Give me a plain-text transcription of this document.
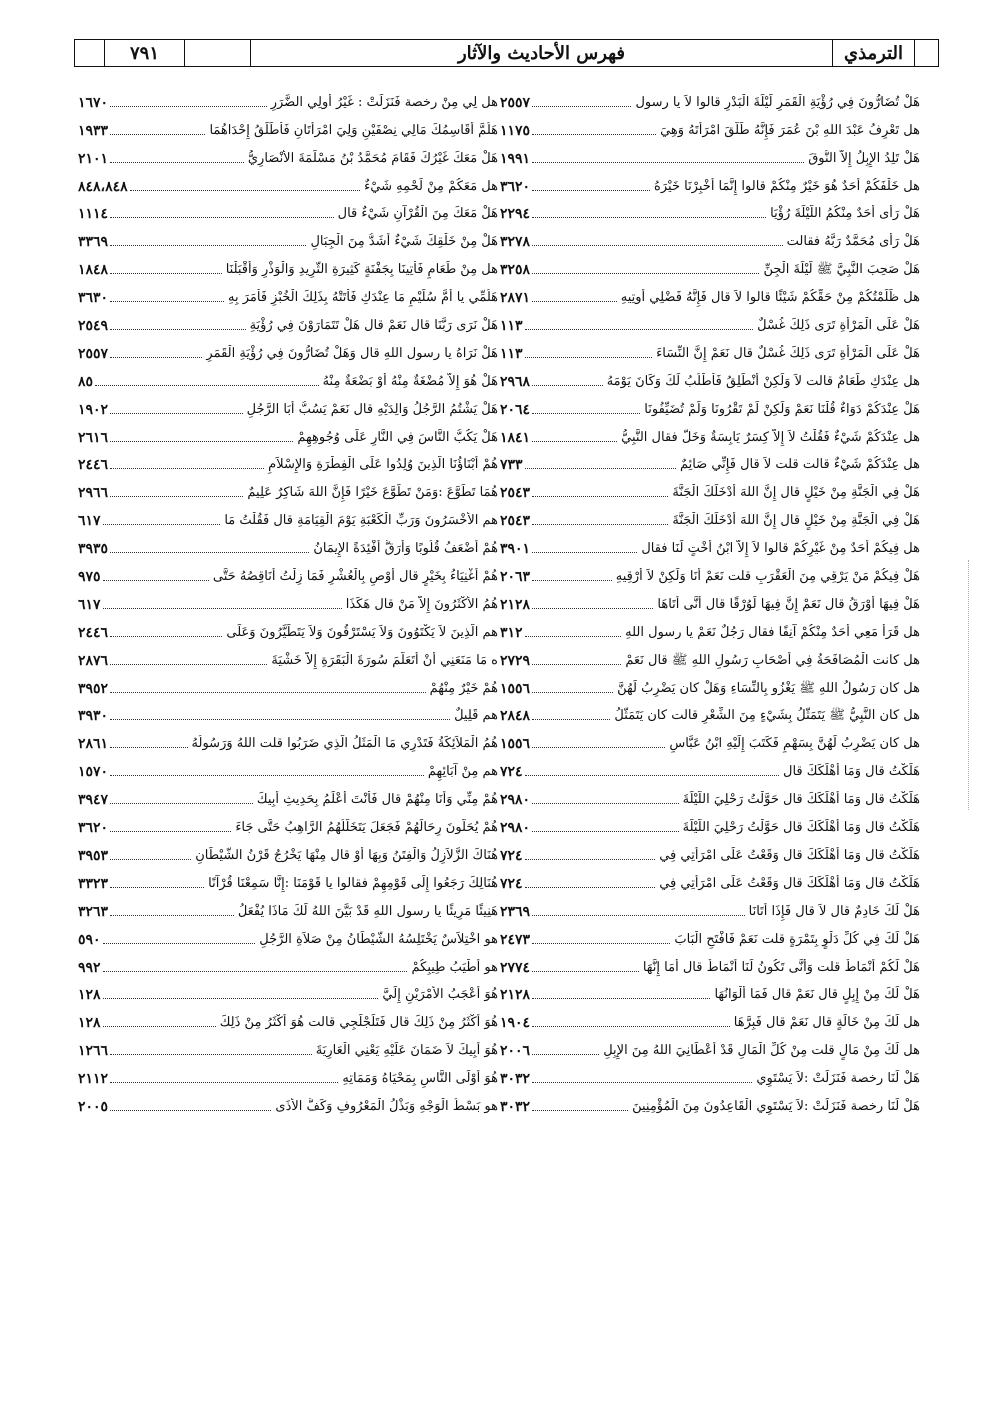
٧٩١	فهرس الأحاديث والآثار	الترمذي
هَلْ تُضَارُّونَ فِي رُؤْيَةِ الْقَمَرِ لَيْلَةَ الْبَدْرِ قالوا لاَ يا رسول
٢٥٥٧
هل تَعْرِفُ عَبْدَ اللهِ بْنَ عُمَرَ فَإِنَّهُ طَلَّقَ امْرَأَتَهُ وَهِيَ
١١٧٥
هَلْ تَلِدُ الإِبِلُ إِلاَّ النُّوقَ
١٩٩١
هل خَلْفَكُمْ أَحَدٌ هُوَ خَيْرٌ مِنْكُمْ قالوا إِنَّمَا أُخْبِرْنَا خَيْرَهُ
٣٦٢٠
هَلْ رَأَى أَحَدٌ مِنْكُمُ اللَّيْلَةَ رُؤْيَا
٢٢٩٤
هَلْ رَأَى مُحَمَّدٌ رَبَّهُ فقالت
٣٢٧٨
هَلْ صَحِبَ النَّبِيَّ ﷺ لَيْلَةَ الْجِنِّ
٣٢٥٨
هل ظَلَمْتُكُمْ مِنْ حَقِّكُمْ شَيْئًا قالوا لاَ قال فَإِنَّهُ فَضْلِي أُوتِيهِ
٢٨٧١
هَلْ عَلَى الْمَرْأَةِ تَرَى ذَلِكَ غُسْلٌ
١١٣
هَلْ عَلَى الْمَرْأَةِ تَرَى ذَلِكَ غُسْلٌ قال نَعَمْ إِنَّ النِّسَاءَ
١١٣
هل عِنْدَكِ طَعَامٌ قالت لاَ وَلَكِنْ أَنْطَلِقُ فَأَطْلُبُ لَكَ وَكَانَ يَوْمَهُ
٢٩٦٨
هَلْ عِنْدَكُمْ دَوَاءٌ قُلْنَا نَعَمْ وَلَكِنْ لَمْ تَقْرُونَا وَلَمْ تُضَيِّفُونَا
٢٠٦٤
هل عِنْدَكُمْ شَيْءٌ فَقُلْتُ لاَ إِلاَّ كِسَرٌ يَابِسَةٌ وَخَلٌّ فقال النَّبِيُّ
١٨٤١
هل عِنْدَكُمْ شَيْءٌ قالت قلت لاَ قال فَإِنِّي صَائِمٌ
٧٣٣
هَلْ فِي الْجَنَّةِ مِنْ خَيْلٍ قال إِنَّ اللهَ أَدْخَلَكَ الْجَنَّةَ
٢٥٤٣
هَلْ فِي الْجَنَّةِ مِنْ خَيْلٍ قال إِنَّ اللهَ أَدْخَلَكَ الْجَنَّةَ
٢٥٤٣
هل فِيكُمْ أَحَدٌ مِنْ غَيْرِكُمْ قالوا لاَ إِلاَّ ابْنُ أُخْتٍ لَنَا فقال
٣٩٠١
هَلْ فِيكُمْ مَنْ يَرْقِي مِنَ الْعَقْرَبِ قلت نَعَمْ أَنَا وَلَكِنْ لاَ أَرْقِيهِ
٢٠٦٣
هَلْ فِيهَا أَوْرَقُ قال نَعَمْ إِنَّ فِيهَا لَوُرْقًا قال أَنَّى أَتَاهَا
٢١٢٨
هل قَرَأَ مَعِي أَحَدٌ مِنْكُمْ آنِفًا فقال رَجُلٌ نَعَمْ يا رسول اللهِ
٣١٢
هل كانت الْمُصَافَحَةُ فِي أَصْحَابِ رَسُولِ اللهِ ﷺ قال نَعَمْ
٢٧٢٩
هل كان رَسُولُ اللهِ ﷺ يَغْزُو بِالنِّسَاءِ وَهَلْ كان يَضْرِبُ لَهُنَّ
١٥٥٦
هل كان النَّبِيُّ ﷺ يَتَمَثَّلُ بِشَيْءٍ مِنَ الشِّعْرِ قالت كان يَتَمَثَّلُ
٢٨٤٨
هل كان يَضْرِبُ لَهُنَّ بِسَهْمٍ فَكَتَبَ إِلَيْهِ ابْنُ عَبَّاسٍ
١٥٥٦
هَلَكْتُ قال وَمَا أَهْلَكَكَ قال
٧٢٤
هَلَكْتُ قال وَمَا أَهْلَكَكَ قال حَوَّلْتُ رَحْلِيَ اللَّيْلَةَ
٢٩٨٠
هَلَكْتُ قال وَمَا أَهْلَكَكَ قال حَوَّلْتُ رَحْلِيَ اللَّيْلَةَ
٢٩٨٠
هَلَكْتُ قال وَمَا أَهْلَكَكَ قال وَقَعْتُ عَلَى امْرَأَتِي فِي
٧٢٤
هَلَكْتُ قال وَمَا أَهْلَكَكَ قال وَقَعْتُ عَلَى امْرَأَتِي فِي
٧٢٤
هَلْ لَكَ خَادِمٌ قال لاَ قال فَإِذَا أَتَانَا
٢٣٦٩
هَلْ لَكَ فِي كُلِّ دَلْوٍ بِتَمْرَةٍ قلت نَعَمْ فَافْتَحِ الْبَابَ
٢٤٧٣
هَلْ لَكُمْ أَنْمَاطٌ قلت وَأَنَّى تَكُونُ لَنَا أَنْمَاطٌ قال أَمَا إِنَّهَا
٢٧٧٤
هَلْ لَكَ مِنْ إِبِلٍ قال نَعَمْ قال فَمَا أَلْوَانُهَا
٢١٢٨
هل لَكَ مِنْ خَالَةٍ قال نَعَمْ قال فَبِرَّهَا
١٩٠٤
هل لَكَ مِنْ مَالٍ قلت مِنْ كُلِّ الْمَالِ قَدْ أَعْطَانِيَ اللهُ مِنَ الإِبِلِ
٢٠٠٦
هَلْ لَنَا رخصة فَنَزَلَتْ :لاَ يَسْتَوِي
٣٠٣٢
هَلْ لَنَا رخصة فَنَزَلَتْ :لاَ يَسْتَوِي الْقَاعِدُونَ مِنَ الْمُؤْمِنِينَ
٣٠٣٢
هل لِي مِنْ رخصة فَنَزَلَتْ : غَيْرُ أُولِي الضَّرَرِ
١٦٧٠
هَلُمَّ أُقَاسِمُكَ مَالِي نِصْفَيْنِ وَلِيَ امْرَأَتَانِ فَأُطَلِّقُ إِحْدَاهُمَا
١٩٣٣
هَلْ مَعَكَ غَيْرُكَ فَقَامَ مُحَمَّدُ بْنُ مَسْلَمَةَ الأَنْصَارِيُّ
٢١٠١
هل مَعَكُمْ مِنْ لَحْمِهِ شَيْءٌ
٨٤٨،٨٤٨
هَلْ مَعَكَ مِنَ الْقُرْآنِ شَيْءٌ قال
١١١٤
هَلْ مِنْ خَلْقِكَ شَيْءٌ أَشَدُّ مِنَ الْجِبَالِ
٣٣٦٩
هل مِنْ طَعَامٍ فَأُتِينَا بِجَفْنَةٍ كَثِيرَةِ الثَّرِيدِ وَالْوَذْرِ وَأَقْبَلْنَا
١٨٤٨
هَلُمِّي يا أُمَّ سُلَيْمٍ مَا عِنْدَكِ فَأَتَتْهُ بِذَلِكَ الْخُبْزِ فَأَمَرَ بِهِ
٣٦٣٠
هَلْ نَرَى رَبَّنَا قال نَعَمْ قال هَلْ تَتَمَارَوْنَ فِي رُؤْيَةِ
٢٥٤٩
هَلْ نَرَاهُ يا رسول اللهِ قال وَهَلْ تُضَارُّونَ فِي رُؤْيَةِ الْقَمَرِ
٢٥٥٧
هَلْ هُوَ إِلاَّ مُضْغَةٌ مِنْهُ أَوْ بَضْعَةٌ مِنْهُ
٨٥
هَلْ يَشْتُمُ الرَّجُلُ وَالِدَيْهِ قال نَعَمْ يَسُبُّ أَبَا الرَّجُلِ
١٩٠٢
هَلْ يَكُبُّ النَّاسَ فِي النَّارِ عَلَى وُجُوهِهِمْ
٢٦١٦
هُمْ أَبْنَاؤُنَا الَّذِينَ وُلِدُوا عَلَى الْفِطْرَةِ وَالإِسْلاَمِ
٢٤٤٦
هُمَا تَطَوَّعَ :وَمَنْ تَطَوَّعَ خَيْرًا فَإِنَّ اللهَ شَاكِرٌ عَلِيمٌ
٢٩٦٦
هم الأَخْسَرُونَ وَرَبِّ الْكَعْبَةِ يَوْمَ الْقِيَامَةِ قال فَقُلْتُ مَا
٦١٧
هُمْ أَضْعَفُ قُلُوبًا وَأَرَقُّ أَفْئِدَةً الإِيمَانُ
٣٩٣٥
هُمْ أَغْنِيَاءُ بِخَيْرٍ قال أَوْصِ بِالْعُشْرِ فَمَا زِلْتُ أُنَاقِصُهُ حَتَّى
٩٧٥
هُمُ الأَكْثَرُونَ إِلاَّ مَنْ قال هَكَذَا
٦١٧
هم الَّذِينَ لاَ يَكْتَوُونَ وَلاَ يَسْتَرْقُونَ وَلاَ يَتَطَيَّرُونَ وَعَلَى
٢٤٤٦
ه مَا مَنَعَنِي أَنْ أَتَعَلَّمَ سُورَةَ الْبَقَرَةِ إِلاَّ خَشْيَةَ
٢٨٧٦
هُمْ خَيْرٌ مِنْهُمْ
٣٩٥٢
هم قَلِيلٌ
٣٩٣٠
هُمُ الْمَلاَئِكَةُ فَتَدْرِي مَا الْمَثَلُ الَّذِي ضَرَبُوا قلت اللهُ وَرَسُولُهُ
٢٨٦١
هم مِنْ آبَائِهِمْ
١٥٧٠
هُمْ مِنِّي وَأَنَا مِنْهُمْ قال فَأَنْتَ أَعْلَمُ بِحَدِيثِ أَبِيكَ
٣٩٤٧
هُمْ يُحَلُّونَ رِحَالَهُمْ فَجَعَلَ يَتَخَلَّلُهُمُ الرَّاهِبُ حَتَّى جَاءَ
٣٦٢٠
هُنَاكَ الزَّلاَزِلُ وَالْفِتَنُ وَبِهَا أَوْ قال مِنْهَا يَخْرُجُ قَرْنُ الشَّيْطَانِ
٣٩٥٣
هُنَالِكَ رَجَعُوا إِلَى قَوْمِهِمْ فقالوا يا قَوْمَنَا :إِنَّا سَمِعْنَا قُرْآنًا
٣٣٢٣
هَنِيئًا مَرِيئًا يا رسول اللهِ قَدْ بَيَّنَ اللهُ لَكَ مَاذَا يُفْعَلُ
٣٢٦٣
هو اخْتِلاَسٌ يَخْتَلِسُهُ الشَّيْطَانُ مِنْ صَلاَةِ الرَّجُلِ
٥٩٠
هو أَطْيَبُ طِيبِكُمْ
٩٩٢
هُوَ أَعْجَبُ الأَمْرَيْنِ إِلَيَّ
١٢٨
هُوَ أَكْثَرُ مِنْ ذَلِكَ قال فَتَلَجْلَجِي قالت هُوَ أَكْثَرُ مِنْ ذَلِكَ
١٢٨
هُوَ أَبِيكَ لاَ ضَمَانَ عَلَيْهِ يَعْنِي الْعَارِيَةَ
١٢٦٦
هُوَ أَوْلَى النَّاسِ بِمَحْيَاهُ وَمَمَاتِهِ
٢١١٢
هو بَسْطُ الْوَجْهِ وَبَذْلُ الْمَعْرُوفِ وَكَفُّ الأَذَى
٢٠٠٥
